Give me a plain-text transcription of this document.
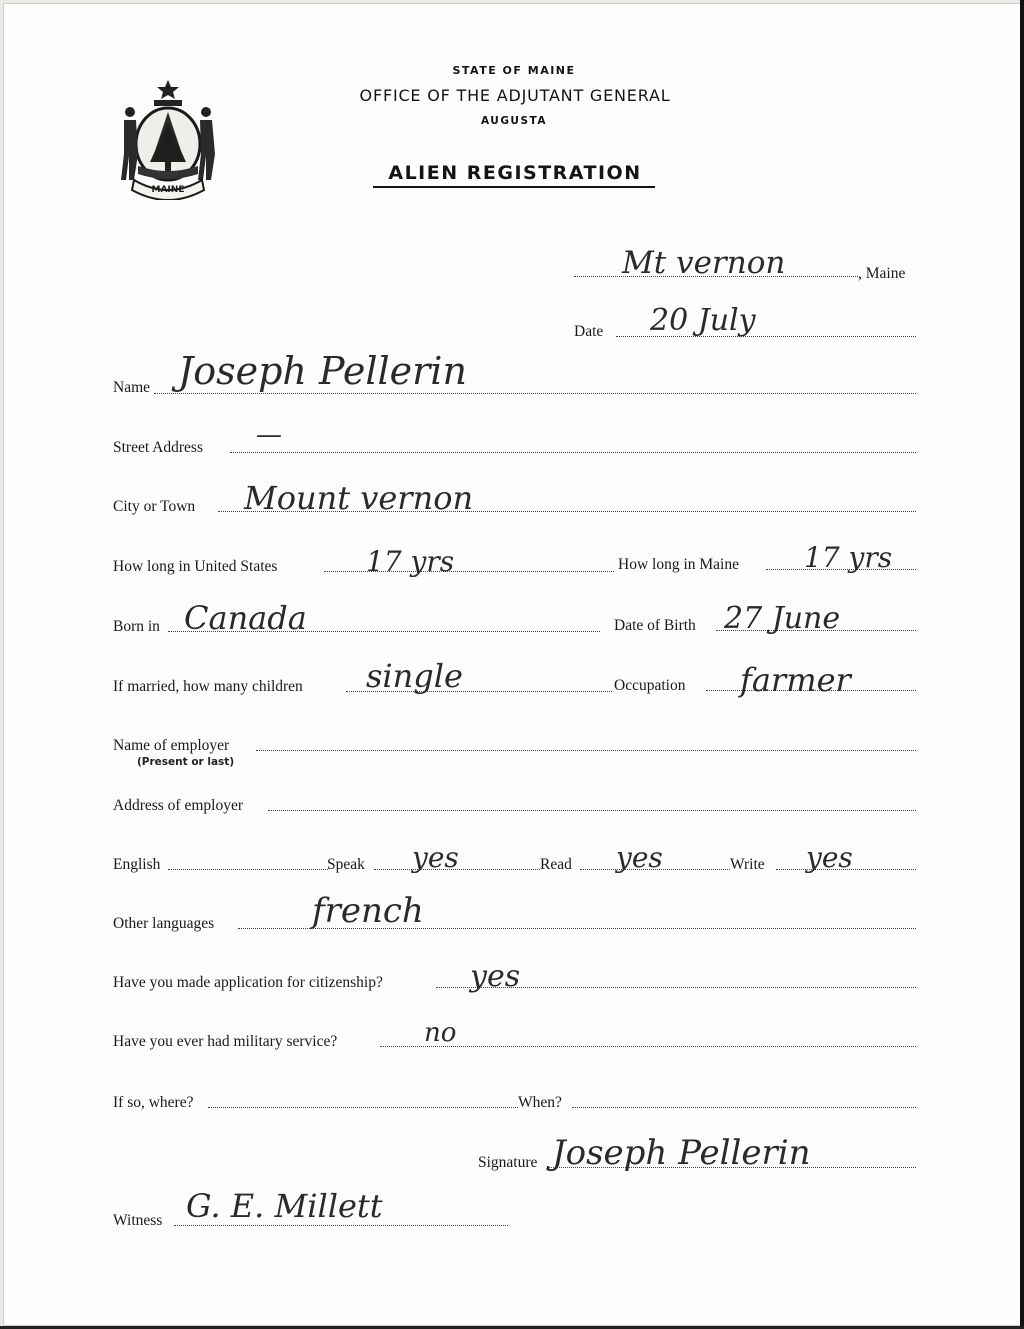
MAINE
STATE OF MAINE
OFFICE OF THE ADJUTANT GENERAL
AUGUSTA
ALIEN REGISTRATION
Mt vernon	, Maine
Date 20 July
Name Joseph Pellerin
Street Address —
City or Town Mount vernon
How long in United States	17 yrs	How long in Maine 17 yrs
Born in Canada	Date of Birth 27 June
If married, how many children single	Occupation farmer
Name of employer
(Present or last)
Address of employer
English	Speak yes	Read yes	Write yes
Other languages	french
Have you made application for citizenship?	yes
Have you ever had military service?	no
If so, where?	When?
Signature Joseph Pellerin
Witness G. E. Millett
